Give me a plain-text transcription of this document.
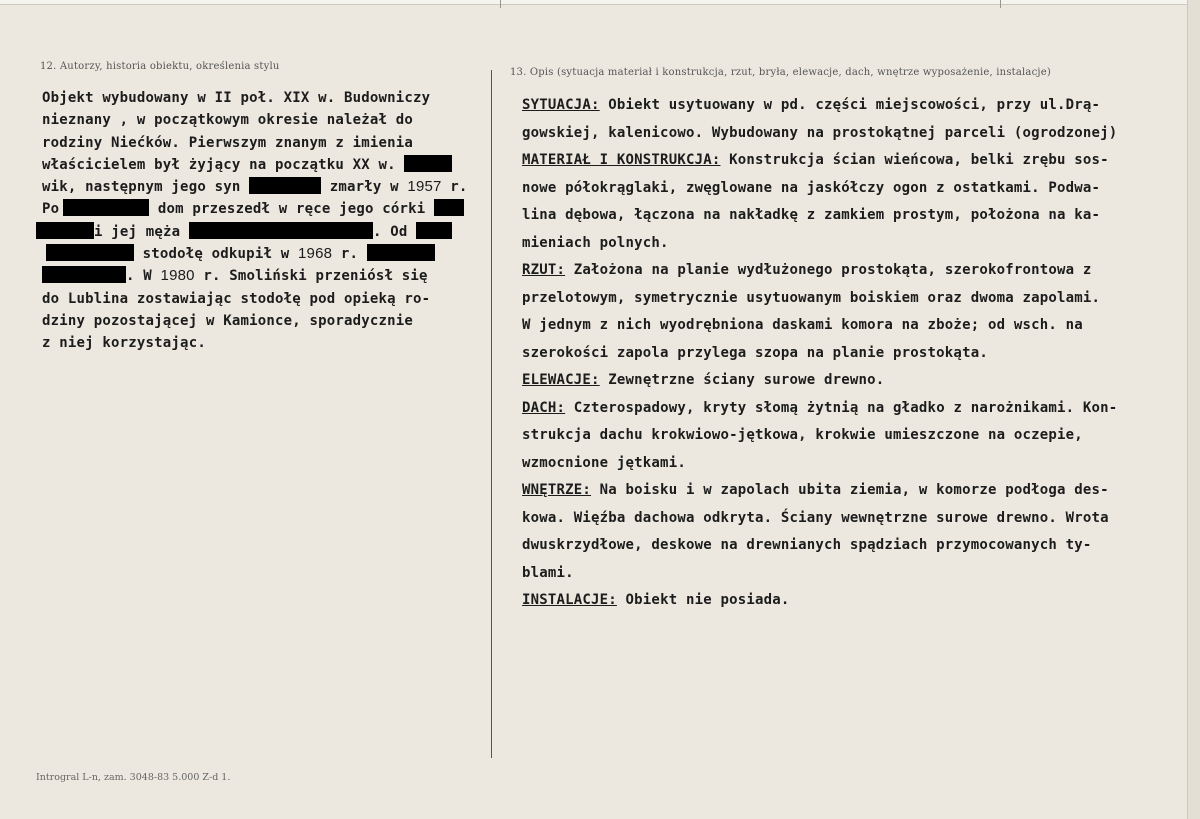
12. Autorzy, historia obiektu, określenia stylu
13. Opis (sytuacja materiał i konstrukcja, rzut, bryła, elewacje, dach, wnętrze wyposażenie, instalacje)
Objekt wybudowany w II poł. XIX w. Budowniczy
nieznany , w początkowym okresie należał do
rodziny Niećków. Pierwszym znanym z imienia
właścicielem był żyjący na początku XX w.
wik, następnym jego syn	zmarły w 1957 r.
Po	dom przeszedł w ręce jego córki
i jej męża	. Od
stodołę odkupił w 1968 r.
. W 1980 r. Smoliński przeniósł się
do Lublina zostawiając stodołę pod opieką ro-
dziny pozostającej w Kamionce, sporadycznie
z niej korzystając.
SYTUACJA: Obiekt usytuowany w pd. części miejscowości, przy ul.Drą-
gowskiej, kalenicowo. Wybudowany na prostokątnej parceli (ogrodzonej)
MATERIAŁ I KONSTRUKCJA: Konstrukcja ścian wieńcowa, belki zrębu sos-
nowe półokrąglaki, zwęglowane na jaskółczy ogon z ostatkami. Podwa-
lina dębowa, łączona na nakładkę z zamkiem prostym, położona na ka-
mieniach polnych.
RZUT: Założona na planie wydłużonego prostokąta, szerokofrontowa z
przelotowym, symetrycznie usytuowanym boiskiem oraz dwoma zapolami.
W jednym z nich wyodrębniona daskami komora na zboże; od wsch. na
szerokości zapola przylega szopa na planie prostokąta.
ELEWACJE: Zewnętrzne ściany surowe drewno.
DACH: Czterospadowy, kryty słomą żytnią na gładko z narożnikami. Kon-
strukcja dachu krokwiowo-jętkowa, krokwie umieszczone na oczepie,
wzmocnione jętkami.
WNĘTRZE: Na boisku i w zapolach ubita ziemia, w komorze podłoga des-
kowa. Więźba dachowa odkryta. Ściany wewnętrzne surowe drewno. Wrota
dwuskrzydłowe, deskowe na drewnianych spądziach przymocowanych ty-
blami.
INSTALACJE: Obiekt nie posiada.
Introgral L-n, zam. 3048-83 5.000 Z-d 1.
